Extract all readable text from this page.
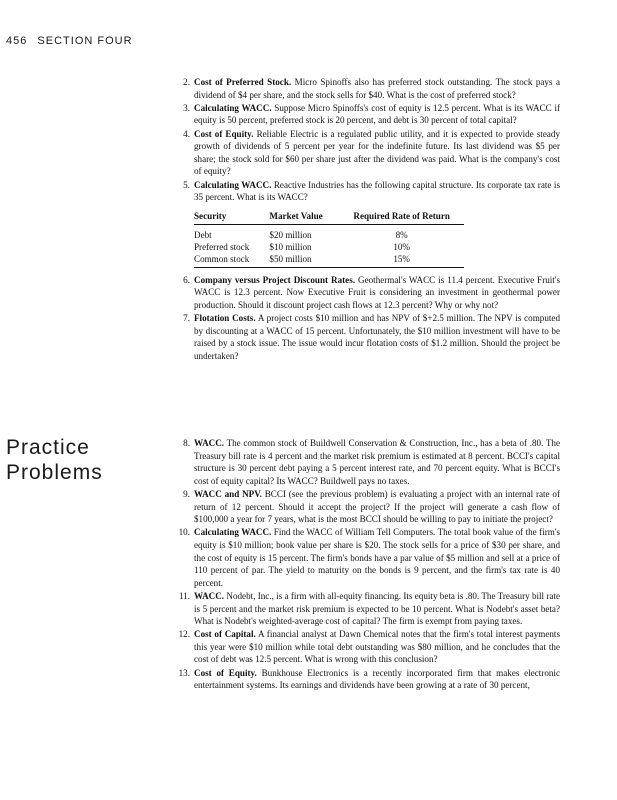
456 SECTION FOUR
Practice
Problems

2. Cost of Preferred Stock. Micro Spinoffs also has preferred stock outstanding. The stock pays a dividend of $4 per share, and the stock sells for $40. What is the cost of preferred stock?

3. Calculating WACC. Suppose Micro Spinoffs's cost of equity is 12.5 percent. What is its WACC if equity is 50 percent, preferred stock is 20 percent, and debt is 30 percent of total capital?

4. Cost of Equity. Reliable Electric is a regulated public utility, and it is expected to provide steady growth of dividends of 5 percent per year for the indefinite future. Its last dividend was $5 per share; the stock sold for $60 per share just after the dividend was paid. What is the company's cost of equity?

5. Calculating WACC. Reactive Industries has the following capital structure. Its corporate tax rate is 35 percent. What is its WACC?

Security	Market Value	Required Rate of Return
Debt	$20 million	8%
Preferred stock	$10 million	10%
Common stock	$50 million	15%

6. Company versus Project Discount Rates. Geothermal's WACC is 11.4 percent. Executive Fruit's WACC is 12.3 percent. Now Executive Fruit is considering an investment in geothermal power production. Should it discount project cash flows at 12.3 percent? Why or why not?

7. Flotation Costs. A project costs $10 million and has NPV of $+2.5 million. The NPV is computed by discounting at a WACC of 15 percent. Unfortunately, the $10 million investment will have to be raised by a stock issue. The issue would incur flotation costs of $1.2 million. Should the project be undertaken?

8. WACC. The common stock of Buildwell Conservation & Construction, Inc., has a beta of .80. The Treasury bill rate is 4 percent and the market risk premium is estimated at 8 percent. BCCI's capital structure is 30 percent debt paying a 5 percent interest rate, and 70 percent equity. What is BCCI's cost of equity capital? Its WACC? Buildwell pays no taxes.

9. WACC and NPV. BCCI (see the previous problem) is evaluating a project with an internal rate of return of 12 percent. Should it accept the project? If the project will generate a cash flow of $100,000 a year for 7 years, what is the most BCCI should be willing to pay to initiate the project?

10. Calculating WACC. Find the WACC of William Tell Computers. The total book value of the firm's equity is $10 million; book value per share is $20. The stock sells for a price of $30 per share, and the cost of equity is 15 percent. The firm's bonds have a par value of $5 million and sell at a price of 110 percent of par. The yield to maturity on the bonds is 9 percent, and the firm's tax rate is 40 percent.

11. WACC. Nodebt, Inc., is a firm with all-equity financing. Its equity beta is .80. The Treasury bill rate is 5 percent and the market risk premium is expected to be 10 percent. What is Nodebt's asset beta? What is Nodebt's weighted-average cost of capital? The firm is exempt from paying taxes.

12. Cost of Capital. A financial analyst at Dawn Chemical notes that the firm's total interest payments this year were $10 million while total debt outstanding was $80 million, and he concludes that the cost of debt was 12.5 percent. What is wrong with this conclusion?

13. Cost of Equity. Bunkhouse Electronics is a recently incorporated firm that makes electronic entertainment systems. Its earnings and dividends have been growing at a rate of 30 percent,
